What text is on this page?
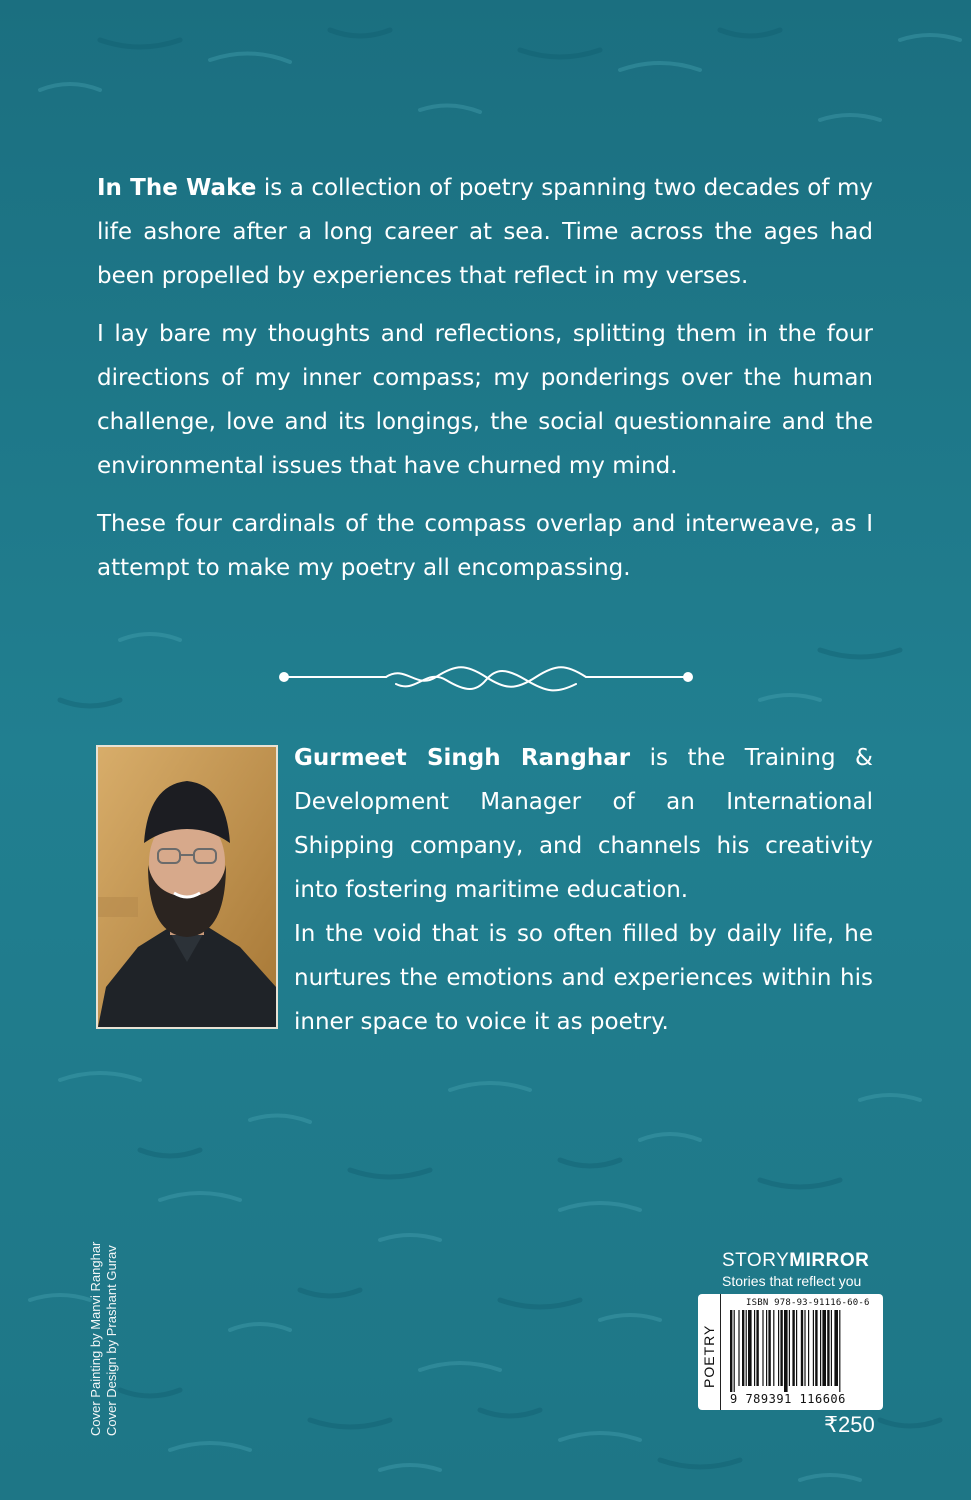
In The Wake is a collection of poetry spanning two decades of my life ashore after a long career at sea. Time across the ages had been propelled by experiences that reflect in my verses.

I lay bare my thoughts and reflections, splitting them in the four directions of my inner compass; my ponderings over the human challenge, love and its longings, the social questionnaire and the environmental issues that have churned my mind.

These four cardinals of the compass overlap and interweave, as I attempt to make my poetry all encompassing.

Gurmeet Singh Ranghar is the Training & Development Manager of an International Shipping company, and channels his creativity into fostering maritime education.

In the void that is so often filled by daily life, he nurtures the emotions and experiences within his inner space to voice it as poetry.

Cover Painting by Manvi Ranghar Cover Design by Prashant Gurav	STORYMIRROR
Stories that reflect you
POETRY
ISBN 978-93-91116-60-6
9 789391 116606
₹250
